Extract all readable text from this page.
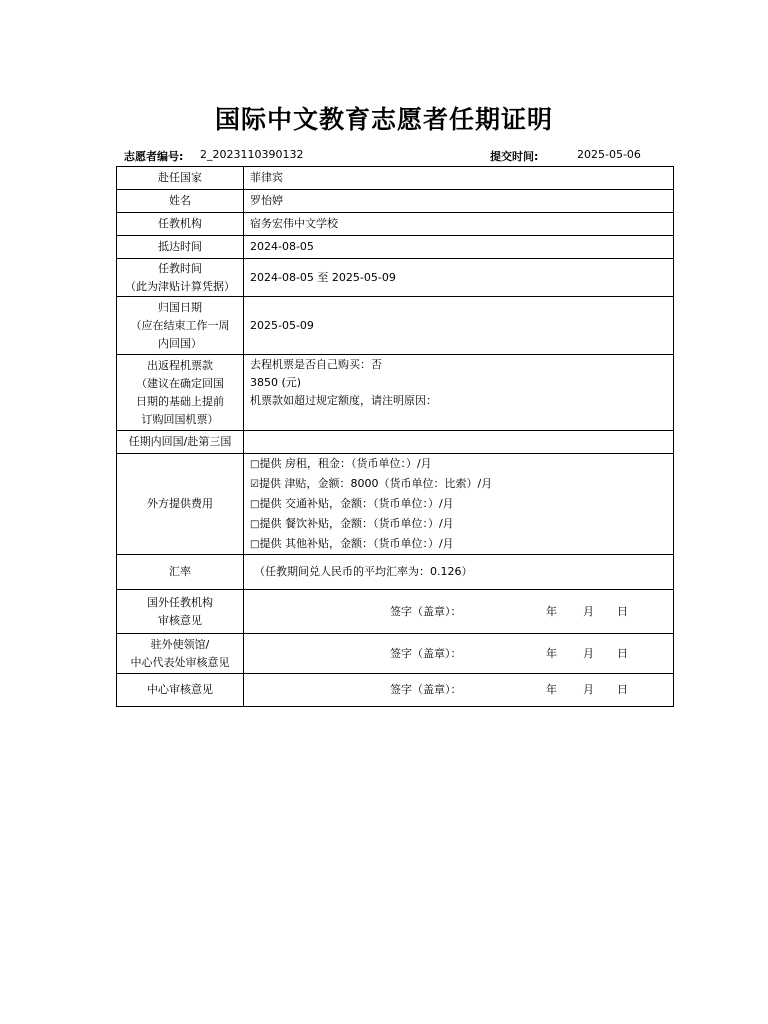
国际中文教育志愿者任期证明
志愿者编号: 2_2023110390132	提交时间:	2025-05-06
赴任国家	菲律宾
姓名	罗怡婷
任教机构	宿务宏伟中文学校
抵达时间	2024-08-05

任教时间
（此为津贴计算凭据）	2024-08-05 至 2025-05-09

归国日期
（应在结束工作一周
内回国）	2025-05-09

出返程机票款
（建议在确定回国
日期的基础上提前
订购回国机票）	去程机票是否自己购买：否
3850 (元)
机票款如超过规定额度，请注明原因：

任期内回国/赴第三国	
外方提供费用	□提供 房租，租金：（货币单位：）/月
☑提供 津贴，金额：8000（货币单位：比索）/月
□提供 交通补贴，金额：（货币单位：）/月
□提供 餐饮补贴，金额：（货币单位：）/月
□提供 其他补贴，金额：（货币单位：）/月

汇率	（任教期间兑人民币的平均汇率为：0.126）

国外任教机构
审核意见	签字（盖章）： 年 月 日

驻外使领馆/
中心代表处审核意见	签字（盖章）： 年 月 日

中心审核意见	签字（盖章）： 年 月 日
